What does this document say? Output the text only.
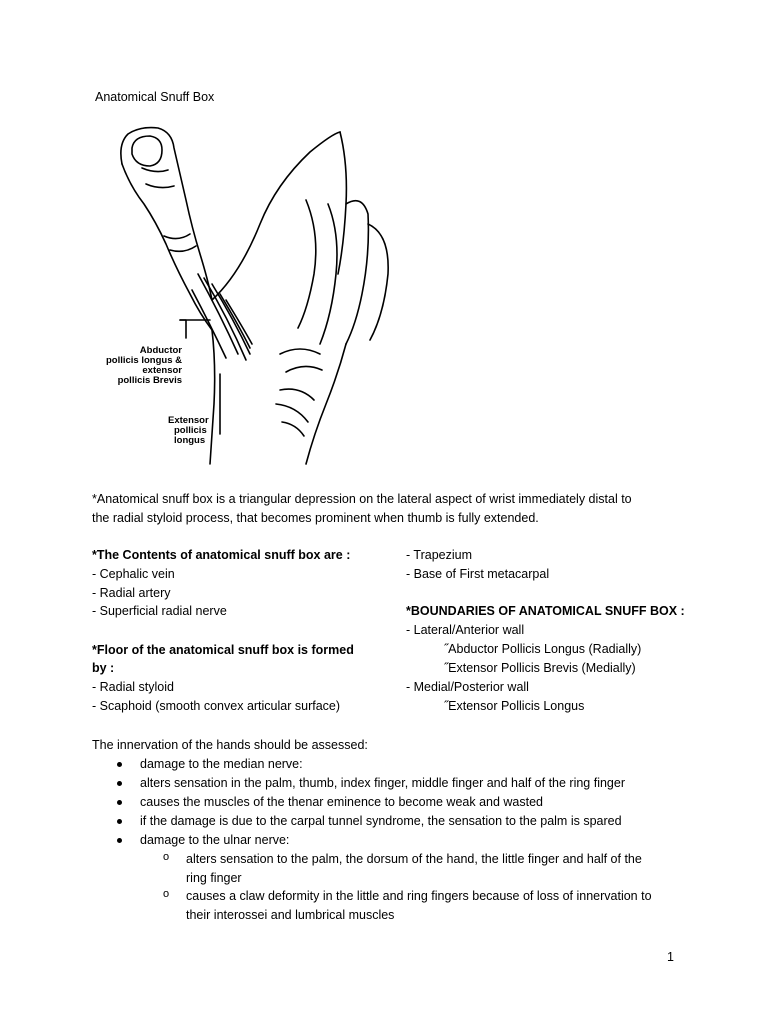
Anatomical Snuff Box
Abductor
pollicis longus &
extensor
pollicis Brevis
Extensor
pollicis
longus
*Anatomical snuff box is a triangular depression on the lateral aspect of wrist immediately distal to
the radial styloid process, that becomes prominent when thumb is fully extended.
*The Contents of anatomical snuff box are :
- Cephalic vein
- Radial artery
- Superficial radial nerve
*Floor of the anatomical snuff box is formed
by :
- Radial styloid
- Scaphoid (smooth convex articular surface)
- Trapezium
- Base of First metacarpal
*BOUNDARIES OF ANATOMICAL SNUFF BOX :
- Lateral/Anterior wall
˝Abductor Pollicis Longus (Radially)
˝Extensor Pollicis Brevis (Medially)
- Medial/Posterior wall
˝Extensor Pollicis Longus
The innervation of the hands should be assessed:
damage to the median nerve:
alters sensation in the palm, thumb, index finger, middle finger and half of the ring finger
causes the muscles of the thenar eminence to become weak and wasted
if the damage is due to the carpal tunnel syndrome, the sensation to the palm is spared
damage to the ulnar nerve:
o alters sensation to the palm, the dorsum of the hand, the little finger and half of the
ring finger
o causes a claw deformity in the little and ring fingers because of loss of innervation to
their interossei and lumbrical muscles
1
